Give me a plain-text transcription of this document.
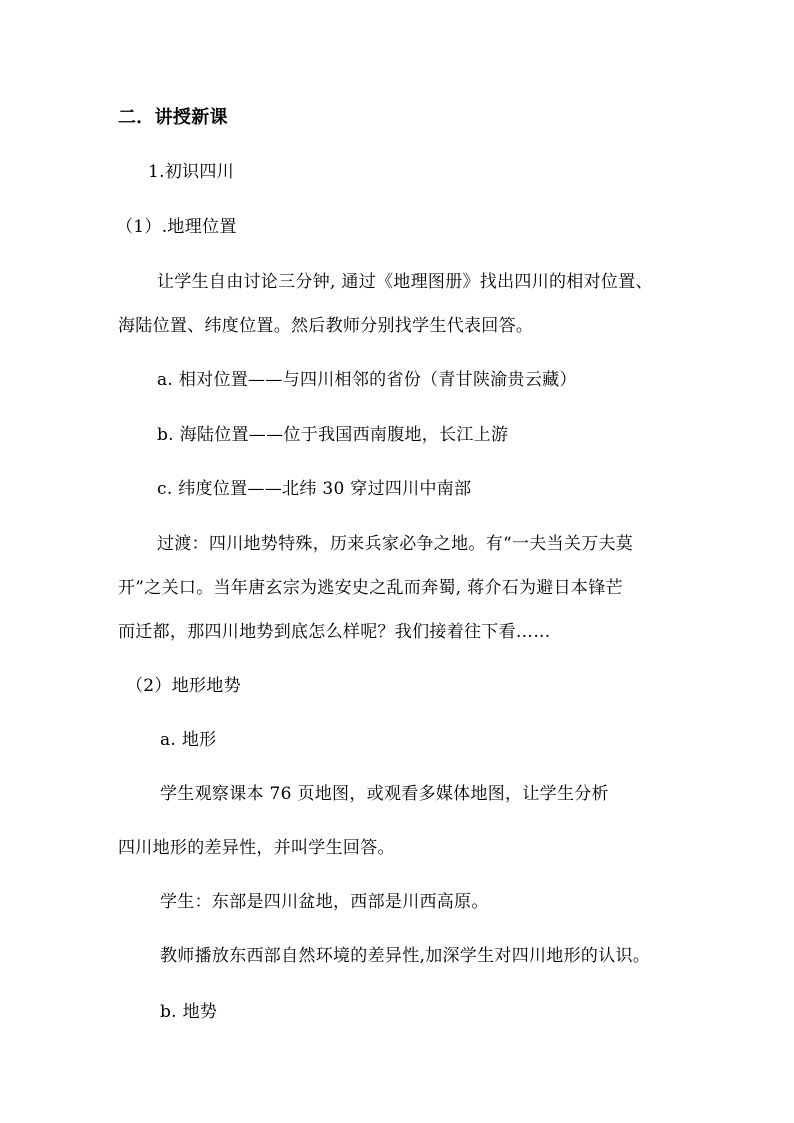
二．讲授新课
1.初识四川
（1）.地理位置
让学生自由讨论三分钟, 通过《地理图册》找出四川的相对位置、
海陆位置、纬度位置。然后教师分别找学生代表回答。
a. 相对位置——与四川相邻的省份（青甘陕渝贵云藏）
b. 海陆位置——位于我国西南腹地，长江上游
c. 纬度位置——北纬 30 穿过四川中南部
过渡：四川地势特殊，历来兵家必争之地。有“一夫当关万夫莫
开”之关口。当年唐玄宗为逃安史之乱而奔蜀, 蒋介石为避日本锋芒
而迁都，那四川地势到底怎么样呢？我们接着往下看……
（2）地形地势
a. 地形
学生观察课本 76 页地图，或观看多媒体地图，让学生分析
四川地形的差异性，并叫学生回答。
学生：东部是四川盆地，西部是川西高原。
教师播放东西部自然环境的差异性,加深学生对四川地形的认识。
b. 地势
